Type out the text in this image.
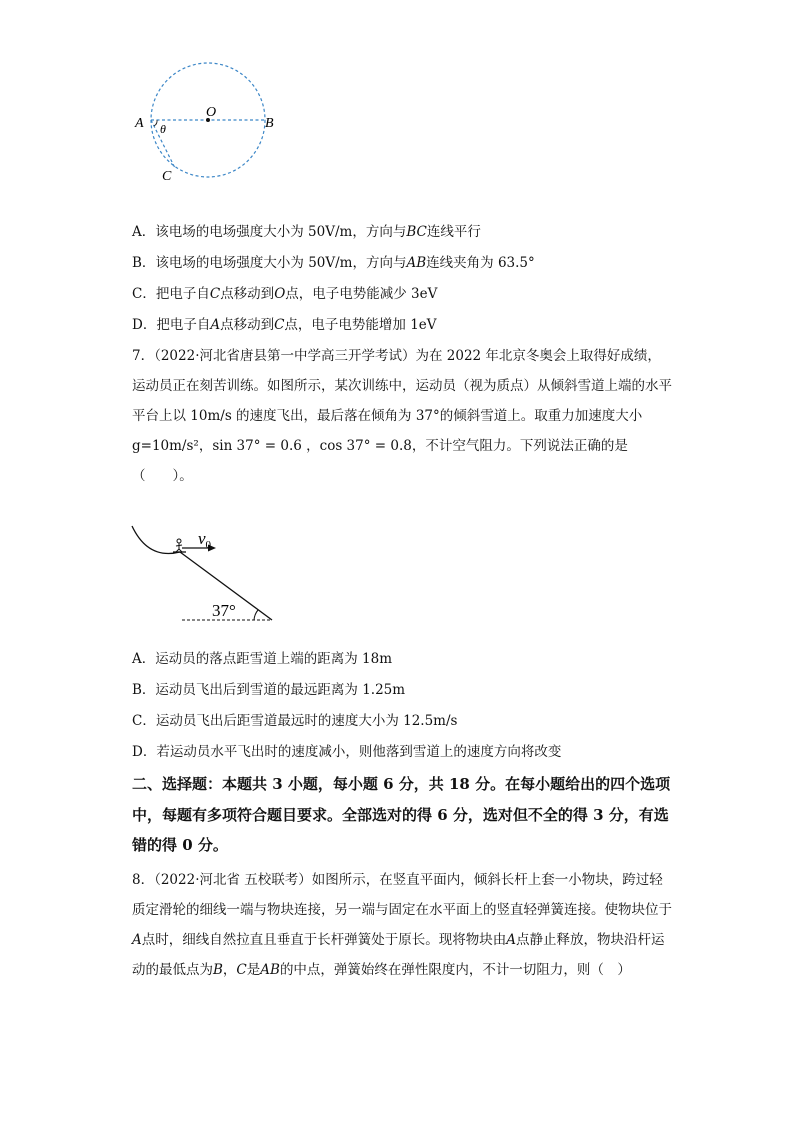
A
O
B
C
θ
A．该电场的电场强度大小为 50V/m，方向与BC连线平行
B．该电场的电场强度大小为 50V/m，方向与AB连线夹角为 63.5°
C．把电子自C点移动到O点，电子电势能减少 3eV
D．把电子自A点移动到C点，电子电势能增加 1eV
7．（2022·河北省唐县第一中学高三开学考试）为在 2022 年北京冬奥会上取得好成绩，运动员正在刻苦训练。如图所示，某次训练中，运动员（视为质点）从倾斜雪道上端的水平平台上以 10m/s 的速度飞出，最后落在倾角为 37°的倾斜雪道上。取重力加速度大小 g=10m/s²，sin 37° = 0.6 ，cos 37° = 0.8，不计空气阻力。下列说法正确的是（　　）。
$v_0$
37°
A．运动员的落点距雪道上端的距离为 18m
B．运动员飞出后到雪道的最远距离为 1.25m
C．运动员飞出后距雪道最远时的速度大小为 12.5m/s
D．若运动员水平飞出时的速度减小，则他落到雪道上的速度方向将改变
二、选择题：本题共 3 小题，每小题 6 分，共 18 分。在每小题给出的四个选项中，每题有多项符合题目要求。全部选对的得 6 分，选对但不全的得 3 分，有选错的得 0 分。
8．（2022·河北省 五校联考）如图所示，在竖直平面内，倾斜长杆上套一小物块，跨过轻质定滑轮的细线一端与物块连接，另一端与固定在水平面上的竖直轻弹簧连接。使物块位于A点时，细线自然拉直且垂直于长杆弹簧处于原长。现将物块由A点静止释放，物块沿杆运动的最低点为B，C是AB的中点，弹簧始终在弹性限度内，不计一切阻力，则（　）
